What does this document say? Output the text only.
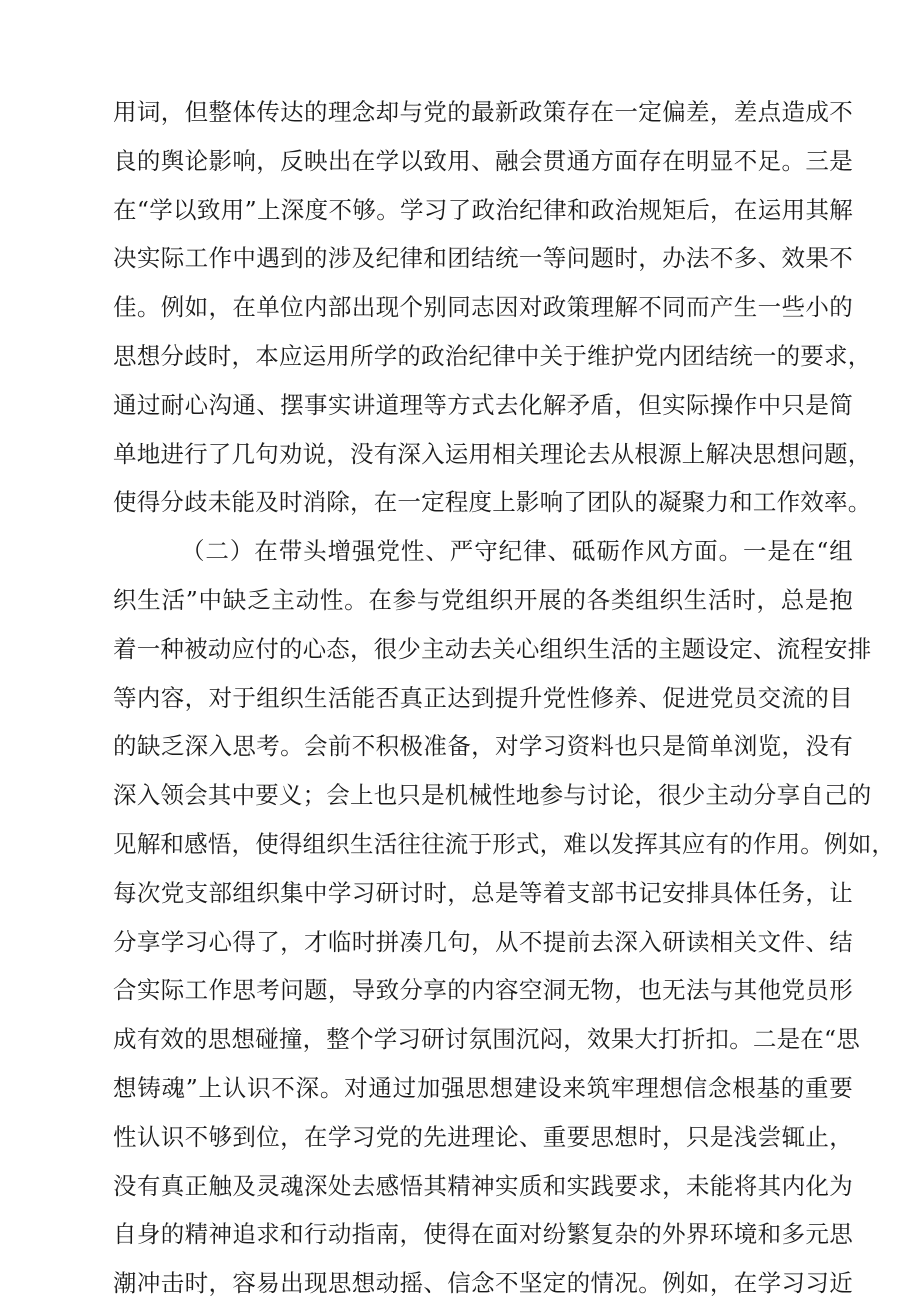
用词，但整体传达的理念却与党的最新政策存在一定偏差，差点造成不
良的舆论影响，反映出在学以致用、融会贯通方面存在明显不足。三是
在“学以致用”上深度不够。学习了政治纪律和政治规矩后，在运用其解
决实际工作中遇到的涉及纪律和团结统一等问题时，办法不多、效果不
佳。例如，在单位内部出现个别同志因对政策理解不同而产生一些小的
思想分歧时，本应运用所学的政治纪律中关于维护党内团结统一的要求，
通过耐心沟通、摆事实讲道理等方式去化解矛盾，但实际操作中只是简
单地进行了几句劝说，没有深入运用相关理论去从根源上解决思想问题，
使得分歧未能及时消除，在一定程度上影响了团队的凝聚力和工作效率。
（二）在带头增强党性、严守纪律、砥砺作风方面。一是在“组
织生活”中缺乏主动性。在参与党组织开展的各类组织生活时，总是抱
着一种被动应付的心态，很少主动去关心组织生活的主题设定、流程安排
等内容，对于组织生活能否真正达到提升党性修养、促进党员交流的目
的缺乏深入思考。会前不积极准备，对学习资料也只是简单浏览，没有
深入领会其中要义；会上也只是机械性地参与讨论，很少主动分享自己的
见解和感悟，使得组织生活往往流于形式，难以发挥其应有的作用。例如，
每次党支部组织集中学习研讨时，总是等着支部书记安排具体任务，让
分享学习心得了，才临时拼凑几句，从不提前去深入研读相关文件、结
合实际工作思考问题，导致分享的内容空洞无物，也无法与其他党员形
成有效的思想碰撞，整个学习研讨氛围沉闷，效果大打折扣。二是在“思
想铸魂”上认识不深。对通过加强思想建设来筑牢理想信念根基的重要
性认识不够到位，在学习党的先进理论、重要思想时，只是浅尝辄止，
没有真正触及灵魂深处去感悟其精神实质和实践要求，未能将其内化为
自身的精神追求和行动指南，使得在面对纷繁复杂的外界环境和多元思
潮冲击时，容易出现思想动摇、信念不坚定的情况。例如，在学习习近
